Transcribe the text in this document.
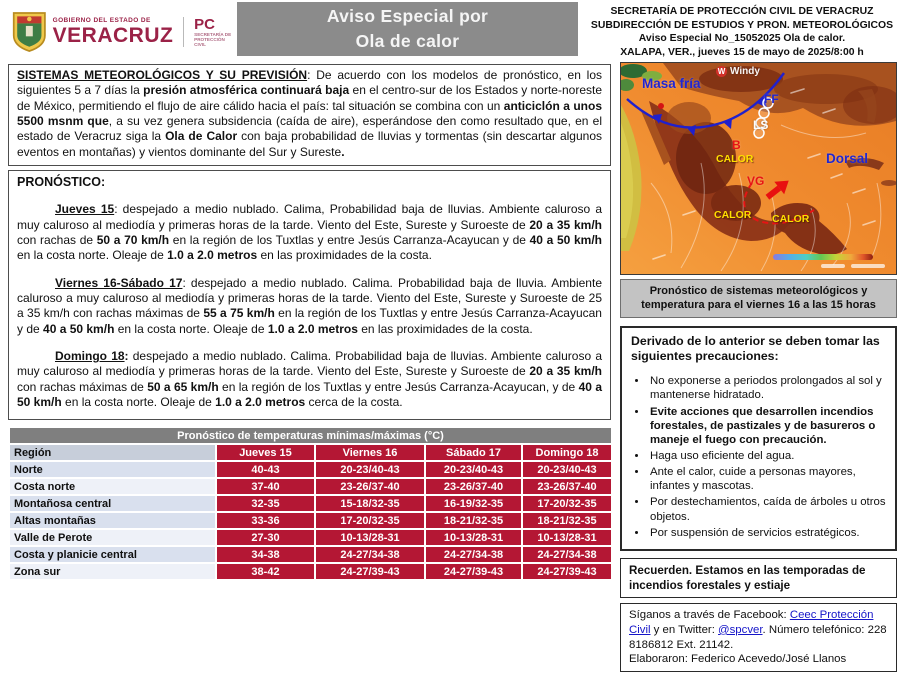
GOBIERNO DEL ESTADO DE
VERACRUZ
PC
SECRETARÍA DE
PROTECCIÓN CIVIL
Aviso Especial por
Ola de calor
SECRETARÍA DE PROTECCIÓN CIVIL DE VERACRUZ
SUBDIRECCIÓN DE ESTUDIOS Y PRON. METEOROLÓGICOS
Aviso Especial No_15052025 Ola de calor.
XALAPA, VER., jueves 15 de mayo de 2025/8:00 h
SISTEMAS METEOROLÓGICOS Y SU PREVISIÓN: De acuerdo con los modelos de pronóstico, en los siguientes 5 a 7 días la presión atmosférica continuará baja en el centro-sur de los Estados y norte-noreste de México, permitiendo el flujo de aire cálido hacia el país: tal situación se combina con un anticiclón a unos 5500 msnm que, a su vez genera subsidencia (caída de aire), esperándose den como resultado que, en el estado de Veracruz siga la Ola de Calor con baja probabilidad de lluvias y tormentas (sin descartar algunos eventos en montañas) y vientos dominante del Sur y Sureste.
PRONÓSTICO:

Jueves 15: despejado a medio nublado. Calima, Probabilidad baja de lluvias. Ambiente caluroso a muy caluroso al mediodía y primeras horas de la tarde. Viento del Este, Sureste y Suroeste de 20 a 35 km/h con rachas de 50 a 70 km/h en la región de los Tuxtlas y entre Jesús Carranza-Acayucan y de 40 a 50 km/h en la costa norte. Oleaje de 1.0 a 2.0 metros en las proximidades de la costa.

Viernes 16-Sábado 17: despejado a medio nublado. Calima. Probabilidad baja de lluvia. Ambiente caluroso a muy caluroso al mediodía y primeras horas de la tarde. Viento del Este, Sureste y Suroeste de 25 a 35 km/h con rachas máximas de 55 a 75 km/h en la región de los Tuxtlas y entre Jesús Carranza-Acayucan y de 40 a 50 km/h en la costa norte. Oleaje de 1.0 a 2.0 metros en las proximidades de la costa.

Domingo 18: despejado a medio nublado. Calima. Probabilidad baja de lluvias. Ambiente caluroso a muy caluroso al mediodía y primeras horas de la tarde. Viento del Este, Sureste y Suroeste de 20 a 35 km/h con rachas máximas de 50 a 65 km/h en la región de los Tuxtlas y entre Jesús Carranza-Acayucan, y de 40 a 50 km/h en la costa norte. Oleaje de 1.0 a 2.0 metros cerca de la costa.

Pronóstico de temperaturas mínimas/máximas (°C)				
Región	Jueves 15	Viernes 16	Sábado 17	Domingo 18
Norte	40-43	20-23/40-43	20-23/40-43	20-23/40-43
Costa norte	37-40	23-26/37-40	23-26/37-40	23-26/37-40
Montañosa central	32-35	15-18/32-35	16-19/32-35	17-20/32-35
Altas montañas	33-36	17-20/32-35	18-21/32-35	18-21/32-35
Valle de Perote	27-30	10-13/28-31	10-13/28-31	10-13/28-31
Costa y planicie central	34-38	24-27/34-38	24-27/34-38	24-27/34-38
Zona sur	38-42	24-27/39-43	24-27/39-43	24-27/39-43
W Windy
Masa fría
FF
LS
Dorsal
B
CALOR
VG
CALOR CALOR
Pronóstico de sistemas meteorológicos y temperatura para el viernes 16 a las 15 horas
Derivado de lo anterior se deben tomar las siguientes precauciones:
• No exponerse a periodos prolongados al sol y mantenerse hidratado.
• Evite acciones que desarrollen incendios forestales, de pastizales y de basureros o maneje el fuego con precaución.
• Haga uso eficiente del agua.
• Ante el calor, cuide a personas mayores, infantes y mascotas.
• Por destechamientos, caída de árboles u otros objetos.
• Por suspensión de servicios estratégicos.
Recuerden. Estamos en las temporadas de incendios forestales y estiaje
Síganos a través de Facebook: Ceec Protección Civil y en Twitter: @spcver. Número telefónico: 228 8186812 Ext. 21142.
Elaboraron: Federico Acevedo/José Llanos
